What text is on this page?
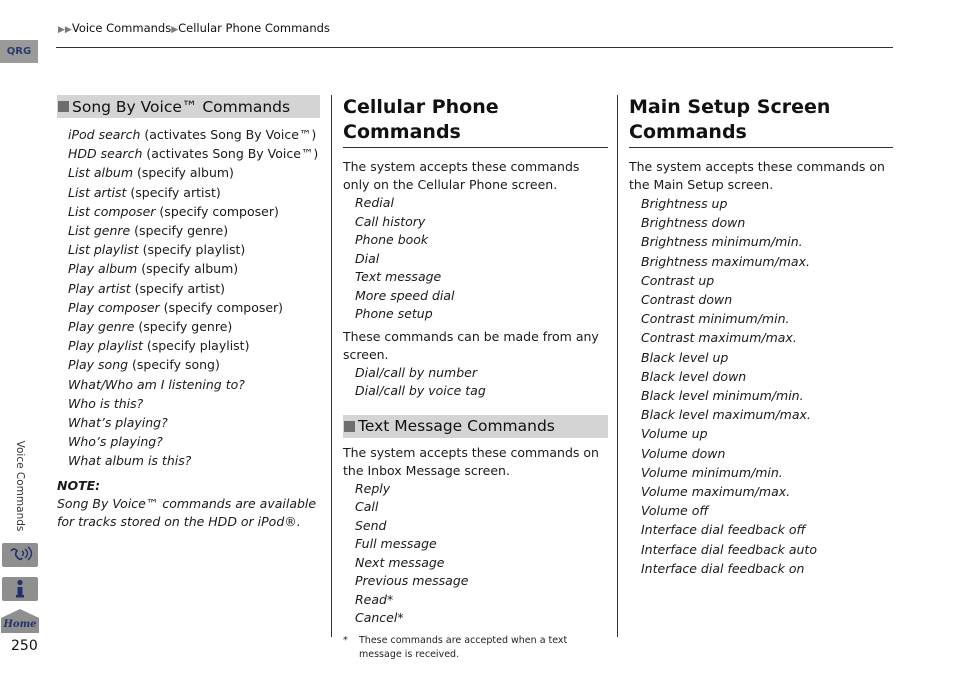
QRG
Voice Commands
Home
250
▶▶Voice Commands▶Cellular Phone Commands
Song By Voice™ Commands
iPod search (activates Song By Voice™)
HDD search (activates Song By Voice™)
List album (specify album)
List artist (specify artist)
List composer (specify composer)
List genre (specify genre)
List playlist (specify playlist)
Play album (specify album)
Play artist (specify artist)
Play composer (specify composer)
Play genre (specify genre)
Play playlist (specify playlist)
Play song (specify song)
What/Who am I listening to?
Who is this?
What’s playing?
Who’s playing?
What album is this?
NOTE:
Song By Voice™ commands are available for tracks stored on the HDD or iPod®.
Cellular Phone Commands
The system accepts these commands only on the Cellular Phone screen.
Redial
Call history
Phone book
Dial
Text message
More speed dial
Phone setup
These commands can be made from any screen.
Dial/call by number
Dial/call by voice tag
Text Message Commands
The system accepts these commands on the Inbox Message screen.
Reply
Call
Send
Full message
Next message
Previous message
Read*
Cancel*
*	These commands are accepted when a text message is received.
Main Setup Screen Commands
The system accepts these commands on the Main Setup screen.
Brightness up
Brightness down
Brightness minimum/min.
Brightness maximum/max.
Contrast up
Contrast down
Contrast minimum/min.
Contrast maximum/max.
Black level up
Black level down
Black level minimum/min.
Black level maximum/max.
Volume up
Volume down
Volume minimum/min.
Volume maximum/max.
Volume off
Interface dial feedback off
Interface dial feedback auto
Interface dial feedback on
